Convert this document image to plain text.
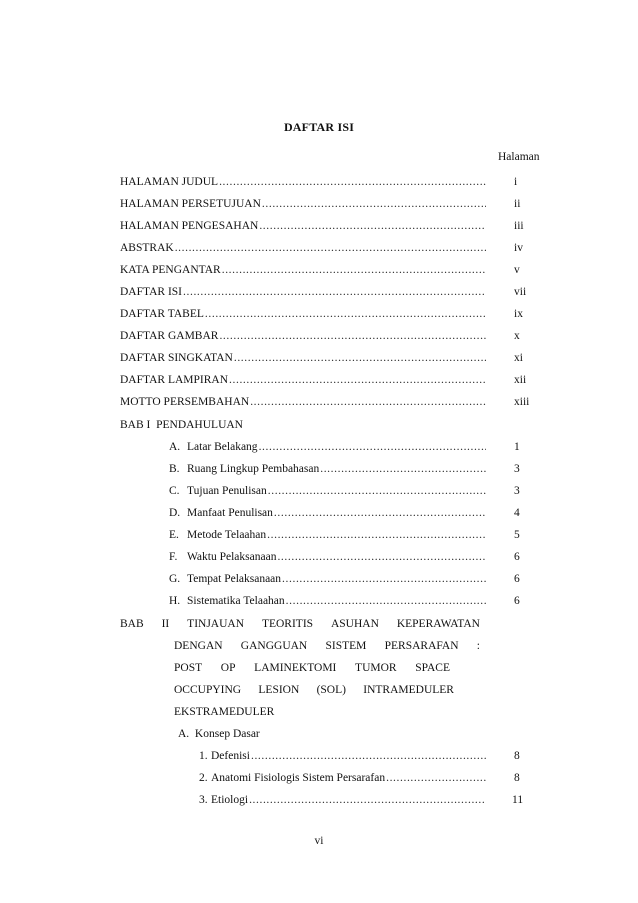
DAFTAR ISI
Halaman
HALAMAN JUDUL .....	i
HALAMAN PERSETUJUAN .....	ii
HALAMAN PENGESAHAN .....	iii
ABSTRAK .....	iv
KATA PENGANTAR .....	v
DAFTAR ISI .....	vii
DAFTAR TABEL .....	ix
DAFTAR GAMBAR .....	x
DAFTAR SINGKATAN .....	xi
DAFTAR LAMPIRAN .....	xii
MOTTO PERSEMBAHAN .....	xiii
BAB I  PENDAHULUAN
A. Latar Belakang .....	1
B. Ruang Lingkup Pembahasan .....	3
C. Tujuan Penulisan .....	3
D. Manfaat Penulisan .....	4
E. Metode Telaahan .....	5
F. Waktu Pelaksanaan .....	6
G. Tempat Pelaksanaan .....	6
H. Sistematika Telaahan .....	6
BAB II TINJAUAN TEORITIS ASUHAN KEPERAWATAN
DENGAN GANGGUAN SISTEM PERSARAFAN :
POST OP LAMINEKTOMI TUMOR SPACE
OCCUPYING LESION (SOL) INTRAMEDULER
EKSTRAMEDULER
A.  Konsep Dasar
1. Defenisi .....	8
2. Anatomi Fisiologis Sistem Persarafan .....	8
3. Etiologi .....	11
vi
